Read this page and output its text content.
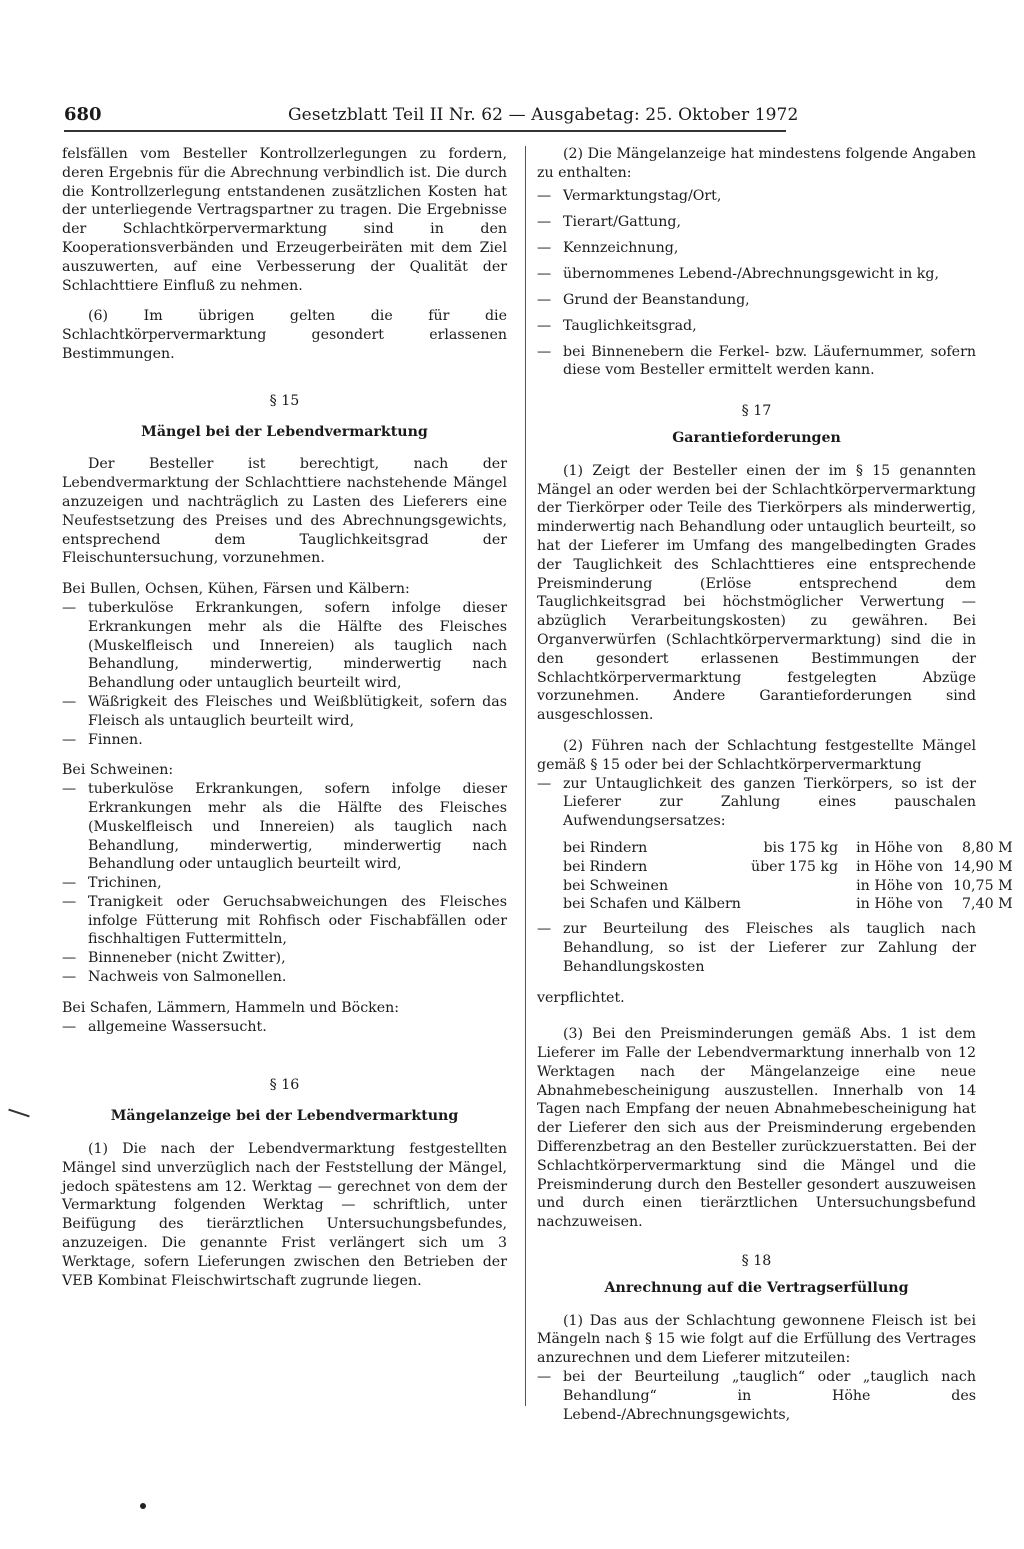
680	Gesetzblatt Teil II Nr. 62 — Ausgabetag: 25. Oktober 1972

felsfällen vom Besteller Kontrollzerlegungen zu fordern, deren Ergebnis für die Abrechnung verbindlich ist. Die durch die Kontrollzerlegung entstandenen zusätzlichen Kosten hat der unterliegende Vertragspartner zu tragen. Die Ergebnisse der Schlachtkörpervermarktung sind in den Kooperationsverbänden und Erzeugerbeiräten mit dem Ziel auszuwerten, auf eine Verbesserung der Qualität der Schlachttiere Einfluß zu nehmen.

(6) Im übrigen gelten die für die Schlachtkörpervermarktung gesondert erlassenen Bestimmungen.

§ 15
Mängel bei der Lebendvermarktung

Der Besteller ist berechtigt, nach der Lebendvermarktung der Schlachttiere nachstehende Mängel anzuzeigen und nachträglich zu Lasten des Lieferers eine Neufestsetzung des Preises und des Abrechnungsgewichts, entsprechend dem Tauglichkeitsgrad der Fleischuntersuchung, vorzunehmen.

Bei Bullen, Ochsen, Kühen, Färsen und Kälbern:

— tuberkulöse Erkrankungen, sofern infolge dieser Erkrankungen mehr als die Hälfte des Fleisches (Muskelfleisch und Innereien) als tauglich nach Behandlung, minderwertig, minderwertig nach Behandlung oder untauglich beurteilt wird,
— Wäßrigkeit des Fleisches und Weißblütigkeit, sofern das Fleisch als untauglich beurteilt wird,
— Finnen.

Bei Schweinen:

— tuberkulöse Erkrankungen, sofern infolge dieser Erkrankungen mehr als die Hälfte des Fleisches (Muskelfleisch und Innereien) als tauglich nach Behandlung, minderwertig, minderwertig nach Behandlung oder untauglich beurteilt wird,
— Trichinen,
— Tranigkeit oder Geruchsabweichungen des Fleisches infolge Fütterung mit Rohfisch oder Fischabfällen oder fischhaltigen Futtermitteln,
— Binneneber (nicht Zwitter),
— Nachweis von Salmonellen.

Bei Schafen, Lämmern, Hammeln und Böcken:

— allgemeine Wassersucht.
§ 16
Mängelanzeige bei der Lebendvermarktung

(1) Die nach der Lebendvermarktung festgestellten Mängel sind unverzüglich nach der Feststellung der Mängel, jedoch spätestens am 12. Werktag — gerechnet von dem der Vermarktung folgenden Werktag — schriftlich, unter Beifügung des tierärztlichen Untersuchungsbefundes, anzuzeigen. Die genannte Frist verlängert sich um 3 Werktage, sofern Lieferungen zwischen den Betrieben der VEB Kombinat Fleischwirtschaft zugrunde liegen.

(2) Die Mängelanzeige hat mindestens folgende Angaben zu enthalten:

— Vermarktungstag/Ort,
— Tierart/Gattung,
— Kennzeichnung,
— übernommenes Lebend-/Abrechnungsgewicht in kg,
— Grund der Beanstandung,
— Tauglichkeitsgrad,
— bei Binnenebern die Ferkel- bzw. Läufernummer, sofern diese vom Besteller ermittelt werden kann.
§ 17
Garantieforderungen

(1) Zeigt der Besteller einen der im § 15 genannten Mängel an oder werden bei der Schlachtkörpervermarktung der Tierkörper oder Teile des Tierkörpers als minderwertig, minderwertig nach Behandlung oder untauglich beurteilt, so hat der Lieferer im Umfang des mangelbedingten Grades der Tauglichkeit des Schlachttieres eine entsprechende Preisminderung (Erlöse entsprechend dem Tauglichkeitsgrad bei höchstmöglicher Verwertung — abzüglich Verarbeitungskosten) zu gewähren. Bei Organverwürfen (Schlachtkörpervermarktung) sind die in den gesondert erlassenen Bestimmungen der Schlachtkörpervermarktung festgelegten Abzüge vorzunehmen. Andere Garantieforderungen sind ausgeschlossen.

(2) Führen nach der Schlachtung festgestellte Mängel gemäß § 15 oder bei der Schlachtkörpervermarktung

— zur Untauglichkeit des ganzen Tierkörpers, so ist der Lieferer zur Zahlung eines pauschalen Aufwendungsersatzes:
bei Rindern	bis 175 kg	in Höhe von	8,80 M
bei Rindern	über 175 kg	in Höhe von	14,90 M
bei Schweinen		in Höhe von	10,75 M
bei Schafen und Kälbern		in Höhe von	7,40 M
— zur Beurteilung des Fleisches als tauglich nach Behandlung, so ist der Lieferer zur Zahlung der Behandlungskosten

verpflichtet.

(3) Bei den Preisminderungen gemäß Abs. 1 ist dem Lieferer im Falle der Lebendvermarktung innerhalb von 12 Werktagen nach der Mängelanzeige eine neue Abnahmebescheinigung auszustellen. Innerhalb von 14 Tagen nach Empfang der neuen Abnahmebescheinigung hat der Lieferer den sich aus der Preisminderung ergebenden Differenzbetrag an den Besteller zurückzuerstatten. Bei der Schlachtkörpervermarktung sind die Mängel und die Preisminderung durch den Besteller gesondert auszuweisen und durch einen tierärztlichen Untersuchungsbefund nachzuweisen.

§ 18
Anrechnung auf die Vertragserfüllung

(1) Das aus der Schlachtung gewonnene Fleisch ist bei Mängeln nach § 15 wie folgt auf die Erfüllung des Vertrages anzurechnen und dem Lieferer mitzuteilen:

— bei der Beurteilung „tauglich“ oder „tauglich nach Behandlung“ in Höhe des Lebend-/Abrechnungsgewichts,
